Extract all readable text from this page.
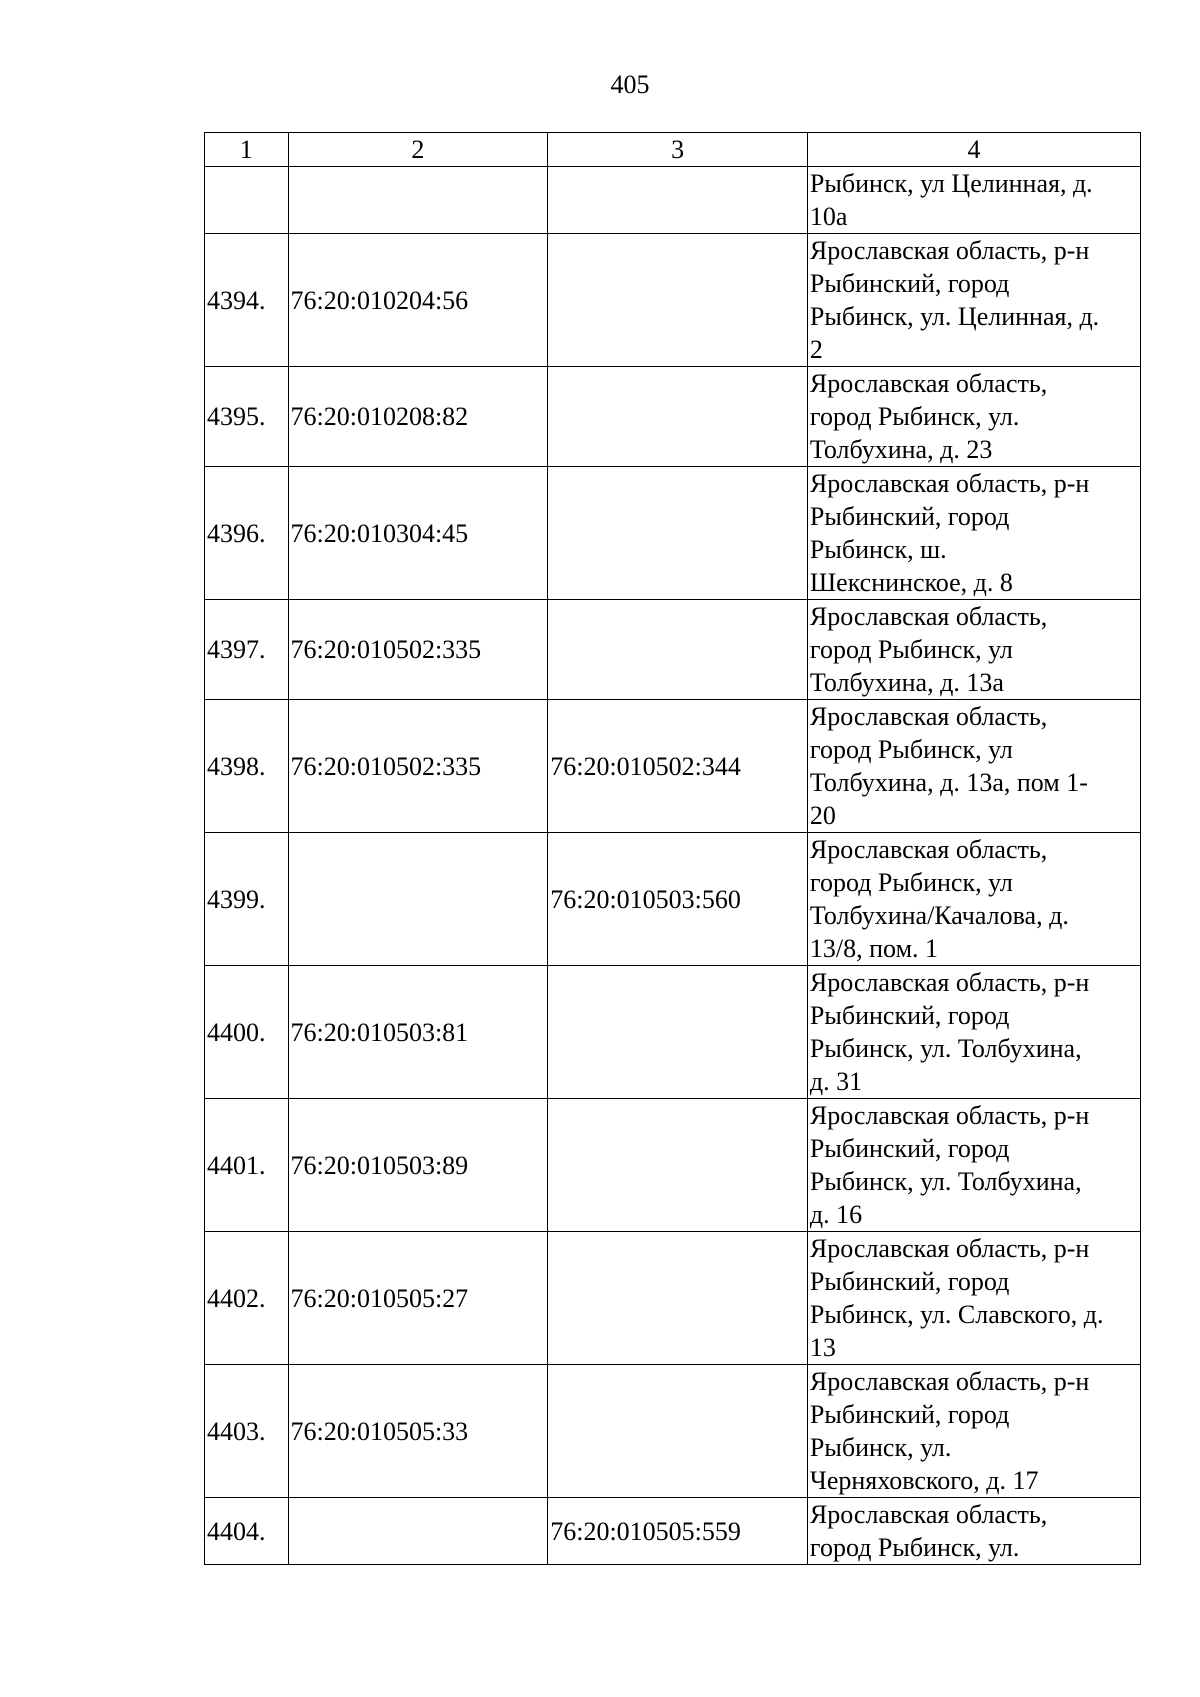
405
1	2	3	4

			Рыбинск, ул Целинная, д.
10а

4394.	76:20:010204:56		Ярославская область, р-н
Рыбинский, город
Рыбинск, ул. Целинная, д.
2

4395.	76:20:010208:82		Ярославская область,
город Рыбинск, ул.
Толбухина, д. 23

4396.	76:20:010304:45		Ярославская область, р-н
Рыбинский, город
Рыбинск, ш.
Шекснинское, д. 8

4397.	76:20:010502:335		Ярославская область,
город Рыбинск, ул
Толбухина, д. 13а

4398.	76:20:010502:335	76:20:010502:344	Ярославская область,
город Рыбинск, ул
Толбухина, д. 13а, пом 1-
20

4399.		76:20:010503:560	Ярославская область,
город Рыбинск, ул
Толбухина/Качалова, д.
13/8, пом. 1

4400.	76:20:010503:81		Ярославская область, р-н
Рыбинский, город
Рыбинск, ул. Толбухина,
д. 31

4401.	76:20:010503:89		Ярославская область, р-н
Рыбинский, город
Рыбинск, ул. Толбухина,
д. 16

4402.	76:20:010505:27		Ярославская область, р-н
Рыбинский, город
Рыбинск, ул. Славского, д.
13

4403.	76:20:010505:33		Ярославская область, р-н
Рыбинский, город
Рыбинск, ул.
Черняховского, д. 17

4404.		76:20:010505:559	Ярославская область,
город Рыбинск, ул.
